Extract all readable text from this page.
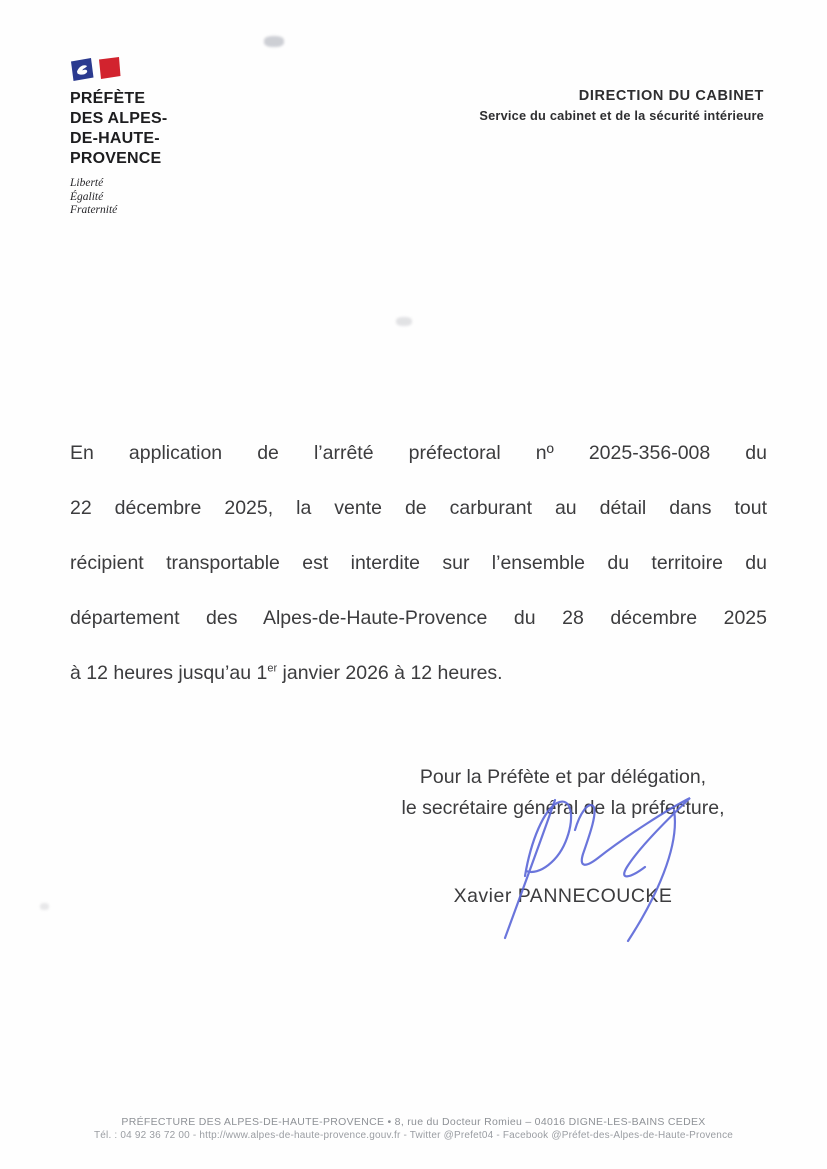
PRÉFÈTE
DES ALPES-
DE-HAUTE-
PROVENCE
Liberté
Égalité
Fraternité
DIRECTION DU CABINET
Service du cabinet et de la sécurité intérieure
En application de l’arrêté préfectoral nº 2025-356-008 du
22 décembre 2025, la vente de carburant au détail dans tout
récipient transportable est interdite sur l’ensemble du territoire du
département des Alpes-de-Haute-Provence du 28 décembre 2025
à 12 heures jusqu’au 1er janvier 2026 à 12 heures.
Pour la Préfète et par délégation,
le secrétaire général de la préfecture,
Xavier PANNECOUCKE
PRÉFECTURE DES ALPES-DE-HAUTE-PROVENCE • 8, rue du Docteur Romieu – 04016 DIGNE-LES-BAINS CEDEX
Tél. : 04 92 36 72 00 - http://www.alpes-de-haute-provence.gouv.fr - Twitter @Prefet04 - Facebook @Préfet-des-Alpes-de-Haute-Provence
